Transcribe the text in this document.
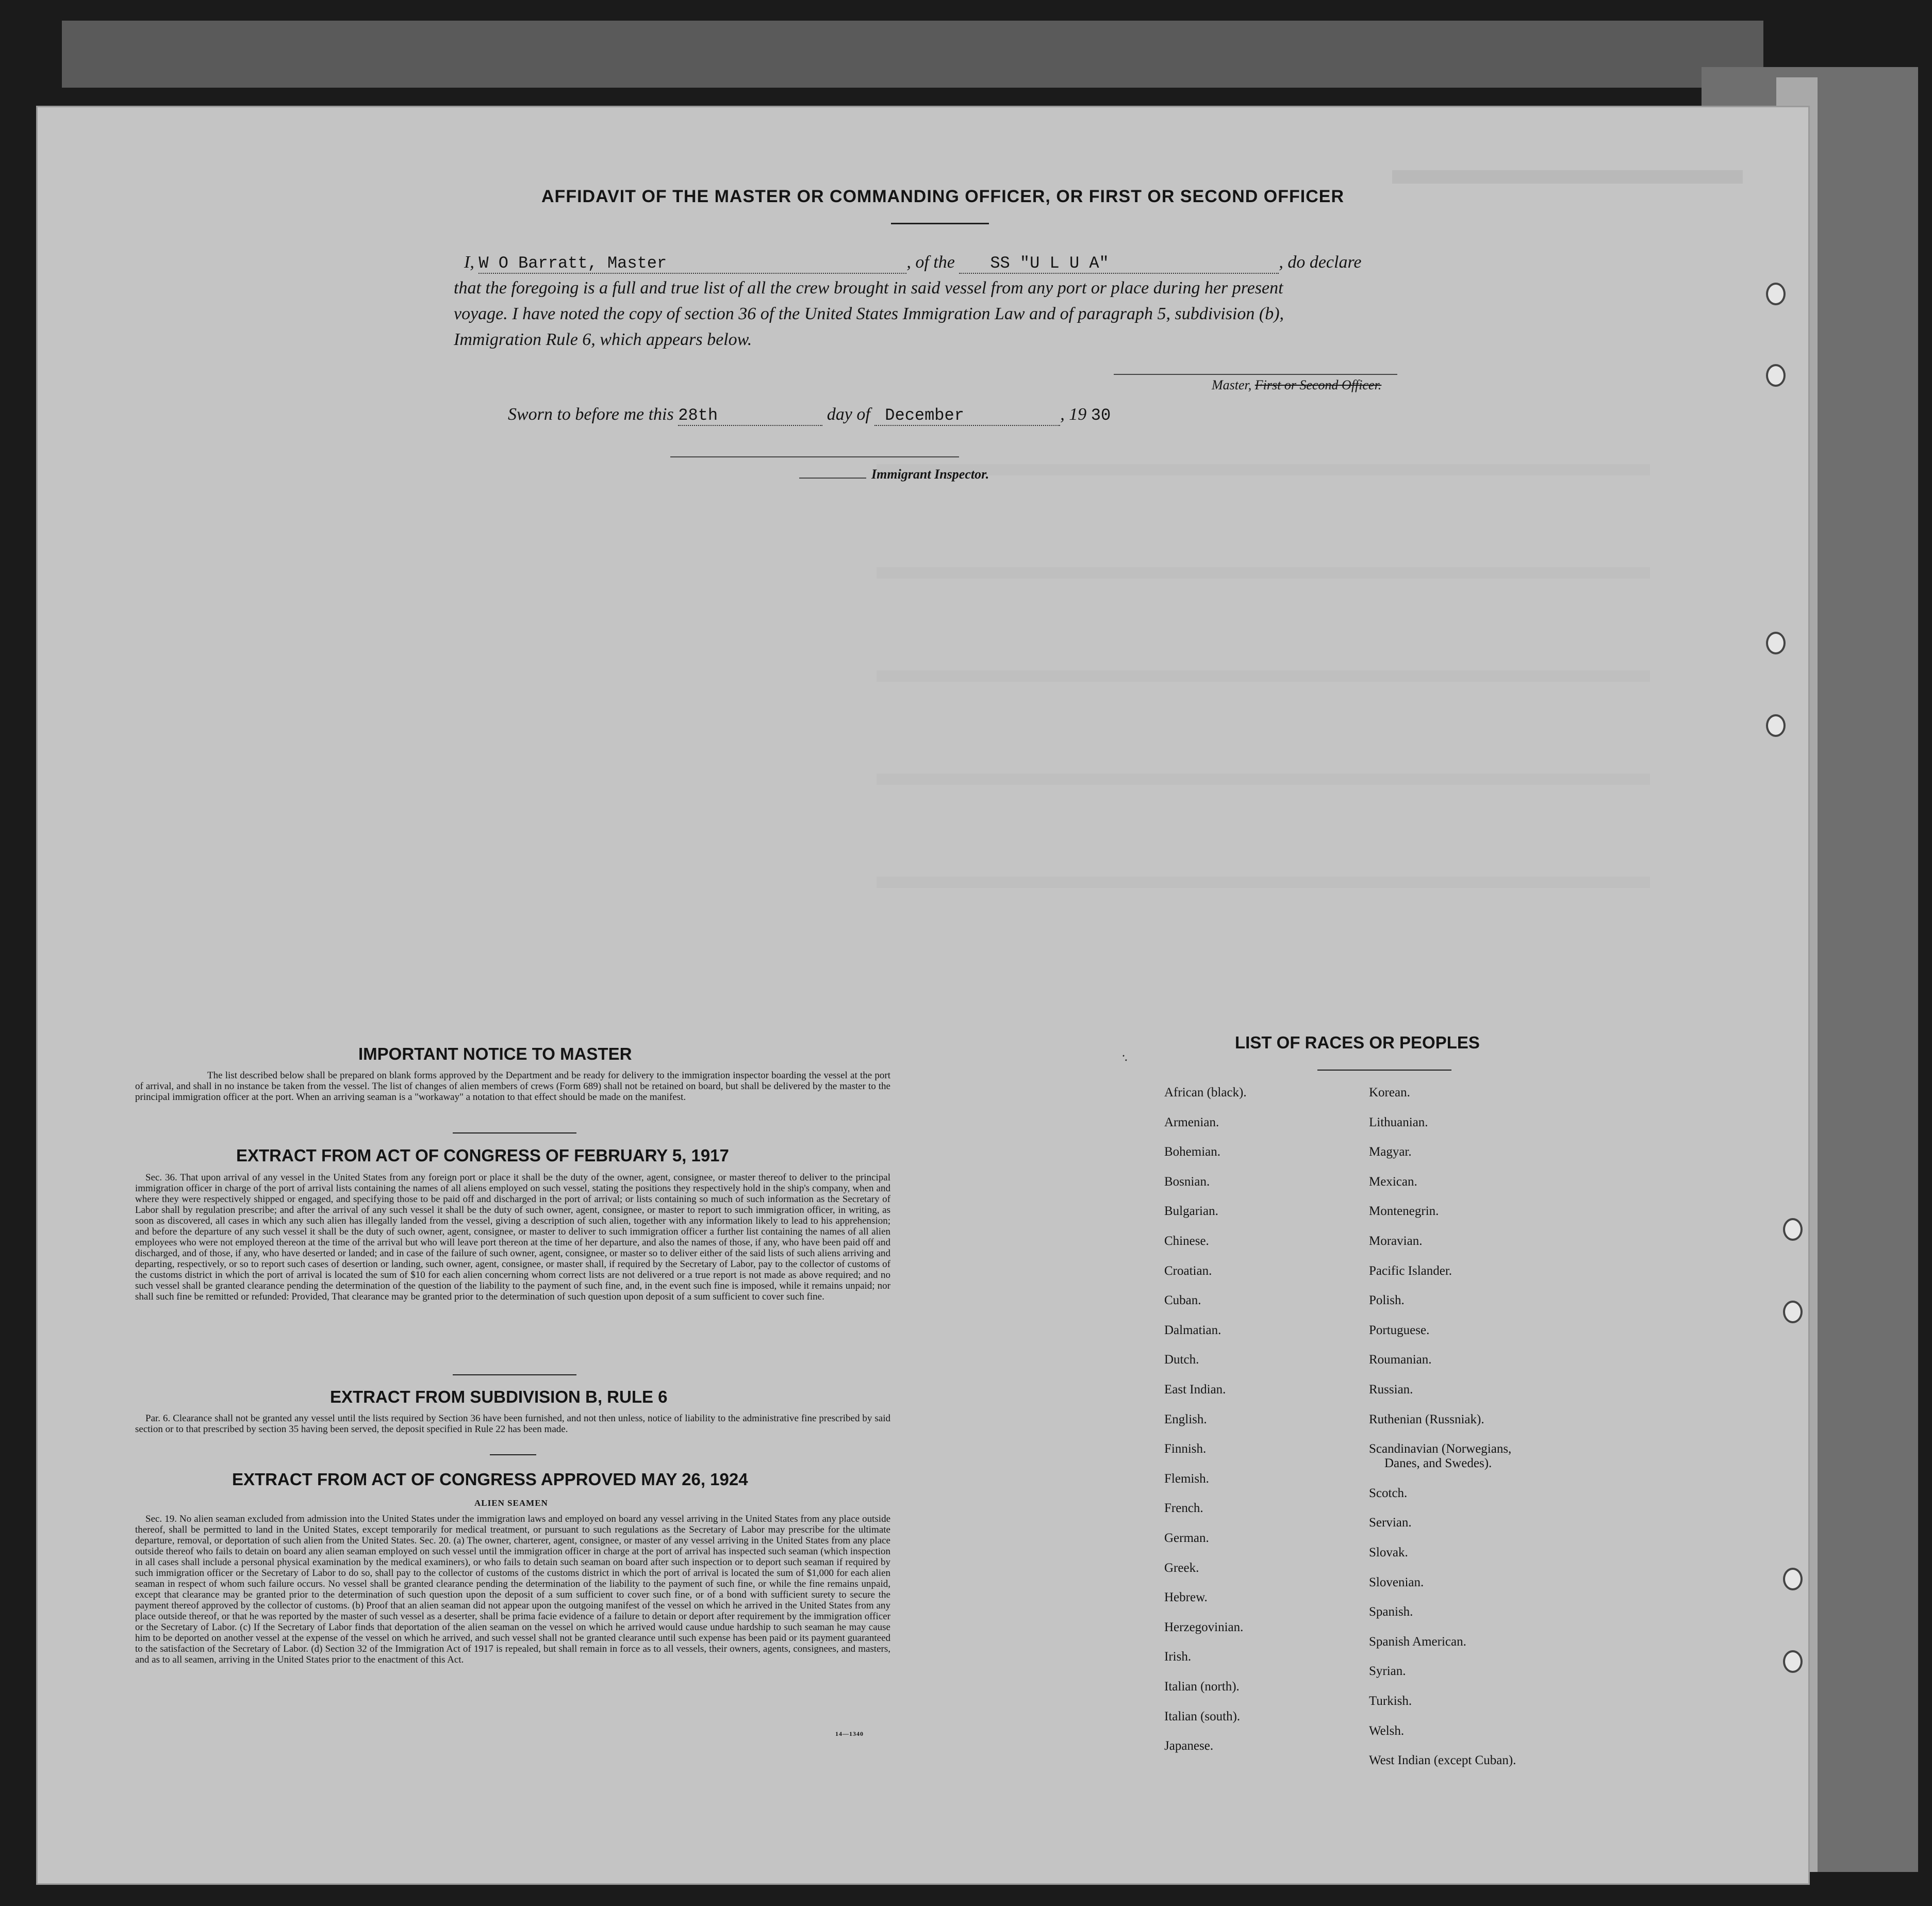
AFFIDAVIT OF THE MASTER OR COMMANDING OFFICER, OR FIRST OR SECOND OFFICER
I, W O Barratt, Master	, of the SS "U L U A"	, do declare
that the foregoing is a full and true list of all the crew brought in said vessel from any port or place during her present
voyage. I have noted the copy of section 36 of the United States Immigration Law and of paragraph 5, subdivision (b),
Immigration Rule 6, which appears below.
Master, First or Second Officer.
Sworn to before me this 28th	day of December	, 19 30
Immigrant Inspector.
IMPORTANT NOTICE TO MASTER
The list described below shall be prepared on blank forms approved by the Department and be ready for delivery to the immigration inspector boarding the vessel at the port of arrival, and shall in no instance be taken from the vessel. The list of changes of alien members of crews (Form 689) shall not be retained on board, but shall be delivered by the master to the principal immigration officer at the port. When an arriving seaman is a "workaway" a notation to that effect should be made on the manifest.
EXTRACT FROM ACT OF CONGRESS OF FEBRUARY 5, 1917
Sec. 36. That upon arrival of any vessel in the United States from any foreign port or place it shall be the duty of the owner, agent, consignee, or master thereof to deliver to the principal immigration officer in charge of the port of arrival lists containing the names of all aliens employed on such vessel, stating the positions they respectively hold in the ship's company, when and where they were respectively shipped or engaged, and specifying those to be paid off and discharged in the port of arrival; or lists containing so much of such information as the Secretary of Labor shall by regulation prescribe; and after the arrival of any such vessel it shall be the duty of such owner, agent, consignee, or master to report to such immigration officer, in writing, as soon as discovered, all cases in which any such alien has illegally landed from the vessel, giving a description of such alien, together with any information likely to lead to his apprehension; and before the departure of any such vessel it shall be the duty of such owner, agent, consignee, or master to deliver to such immigration officer a further list containing the names of all alien employees who were not employed thereon at the time of the arrival but who will leave port thereon at the time of her departure, and also the names of those, if any, who have been paid off and discharged, and of those, if any, who have deserted or landed; and in case of the failure of such owner, agent, consignee, or master so to deliver either of the said lists of such aliens arriving and departing, respectively, or so to report such cases of desertion or landing, such owner, agent, consignee, or master shall, if required by the Secretary of Labor, pay to the collector of customs of the customs district in which the port of arrival is located the sum of $10 for each alien concerning whom correct lists are not delivered or a true report is not made as above required; and no such vessel shall be granted clearance pending the determination of the question of the liability to the payment of such fine, and, in the event such fine is imposed, while it remains unpaid; nor shall such fine be remitted or refunded: Provided, That clearance may be granted prior to the determination of such question upon deposit of a sum sufficient to cover such fine.
EXTRACT FROM SUBDIVISION B, RULE 6
Par. 6. Clearance shall not be granted any vessel until the lists required by Section 36 have been furnished, and not then unless, notice of liability to the administrative fine prescribed by said section or to that prescribed by section 35 having been served, the deposit specified in Rule 22 has been made.
EXTRACT FROM ACT OF CONGRESS APPROVED MAY 26, 1924
ALIEN SEAMEN
Sec. 19. No alien seaman excluded from admission into the United States under the immigration laws and employed on board any vessel arriving in the United States from any place outside thereof, shall be permitted to land in the United States, except temporarily for medical treatment, or pursuant to such regulations as the Secretary of Labor may prescribe for the ultimate departure, removal, or deportation of such alien from the United States. Sec. 20. (a) The owner, charterer, agent, consignee, or master of any vessel arriving in the United States from any place outside thereof who fails to detain on board any alien seaman employed on such vessel until the immigration officer in charge at the port of arrival has inspected such seaman (which inspection in all cases shall include a personal physical examination by the medical examiners), or who fails to detain such seaman on board after such inspection or to deport such seaman if required by such immigration officer or the Secretary of Labor to do so, shall pay to the collector of customs of the customs district in which the port of arrival is located the sum of $1,000 for each alien seaman in respect of whom such failure occurs. No vessel shall be granted clearance pending the determination of the liability to the payment of such fine, or while the fine remains unpaid, except that clearance may be granted prior to the determination of such question upon the deposit of a sum sufficient to cover such fine, or of a bond with sufficient surety to secure the payment thereof approved by the collector of customs. (b) Proof that an alien seaman did not appear upon the outgoing manifest of the vessel on which he arrived in the United States from any place outside thereof, or that he was reported by the master of such vessel as a deserter, shall be prima facie evidence of a failure to detain or deport after requirement by the immigration officer or the Secretary of Labor. (c) If the Secretary of Labor finds that deportation of the alien seaman on the vessel on which he arrived would cause undue hardship to such seaman he may cause him to be deported on another vessel at the expense of the vessel on which he arrived, and such vessel shall not be granted clearance until such expense has been paid or its payment guaranteed to the satisfaction of the Secretary of Labor. (d) Section 32 of the Immigration Act of 1917 is repealed, but shall remain in force as to all vessels, their owners, agents, consignees, and masters, and as to all seamen, arriving in the United States prior to the enactment of this Act.
14—1340
LIST OF RACES OR PEOPLES
·.
African (black).
Armenian.
Bohemian.
Bosnian.
Bulgarian.
Chinese.
Croatian.
Cuban.
Dalmatian.
Dutch.
East Indian.
English.
Finnish.
Flemish.
French.
German.
Greek.
Hebrew.
Herzegovinian.
Irish.
Italian (north).
Italian (south).
Japanese.
Korean.
Lithuanian.
Magyar.
Mexican.
Montenegrin.
Moravian.
Pacific Islander.
Polish.
Portuguese.
Roumanian.
Russian.
Ruthenian (Russniak).
Scandinavian (Norwegians,
Danes, and Swedes).
Scotch.
Servian.
Slovak.
Slovenian.
Spanish.
Spanish American.
Syrian.
Turkish.
Welsh.
West Indian (except Cuban).
